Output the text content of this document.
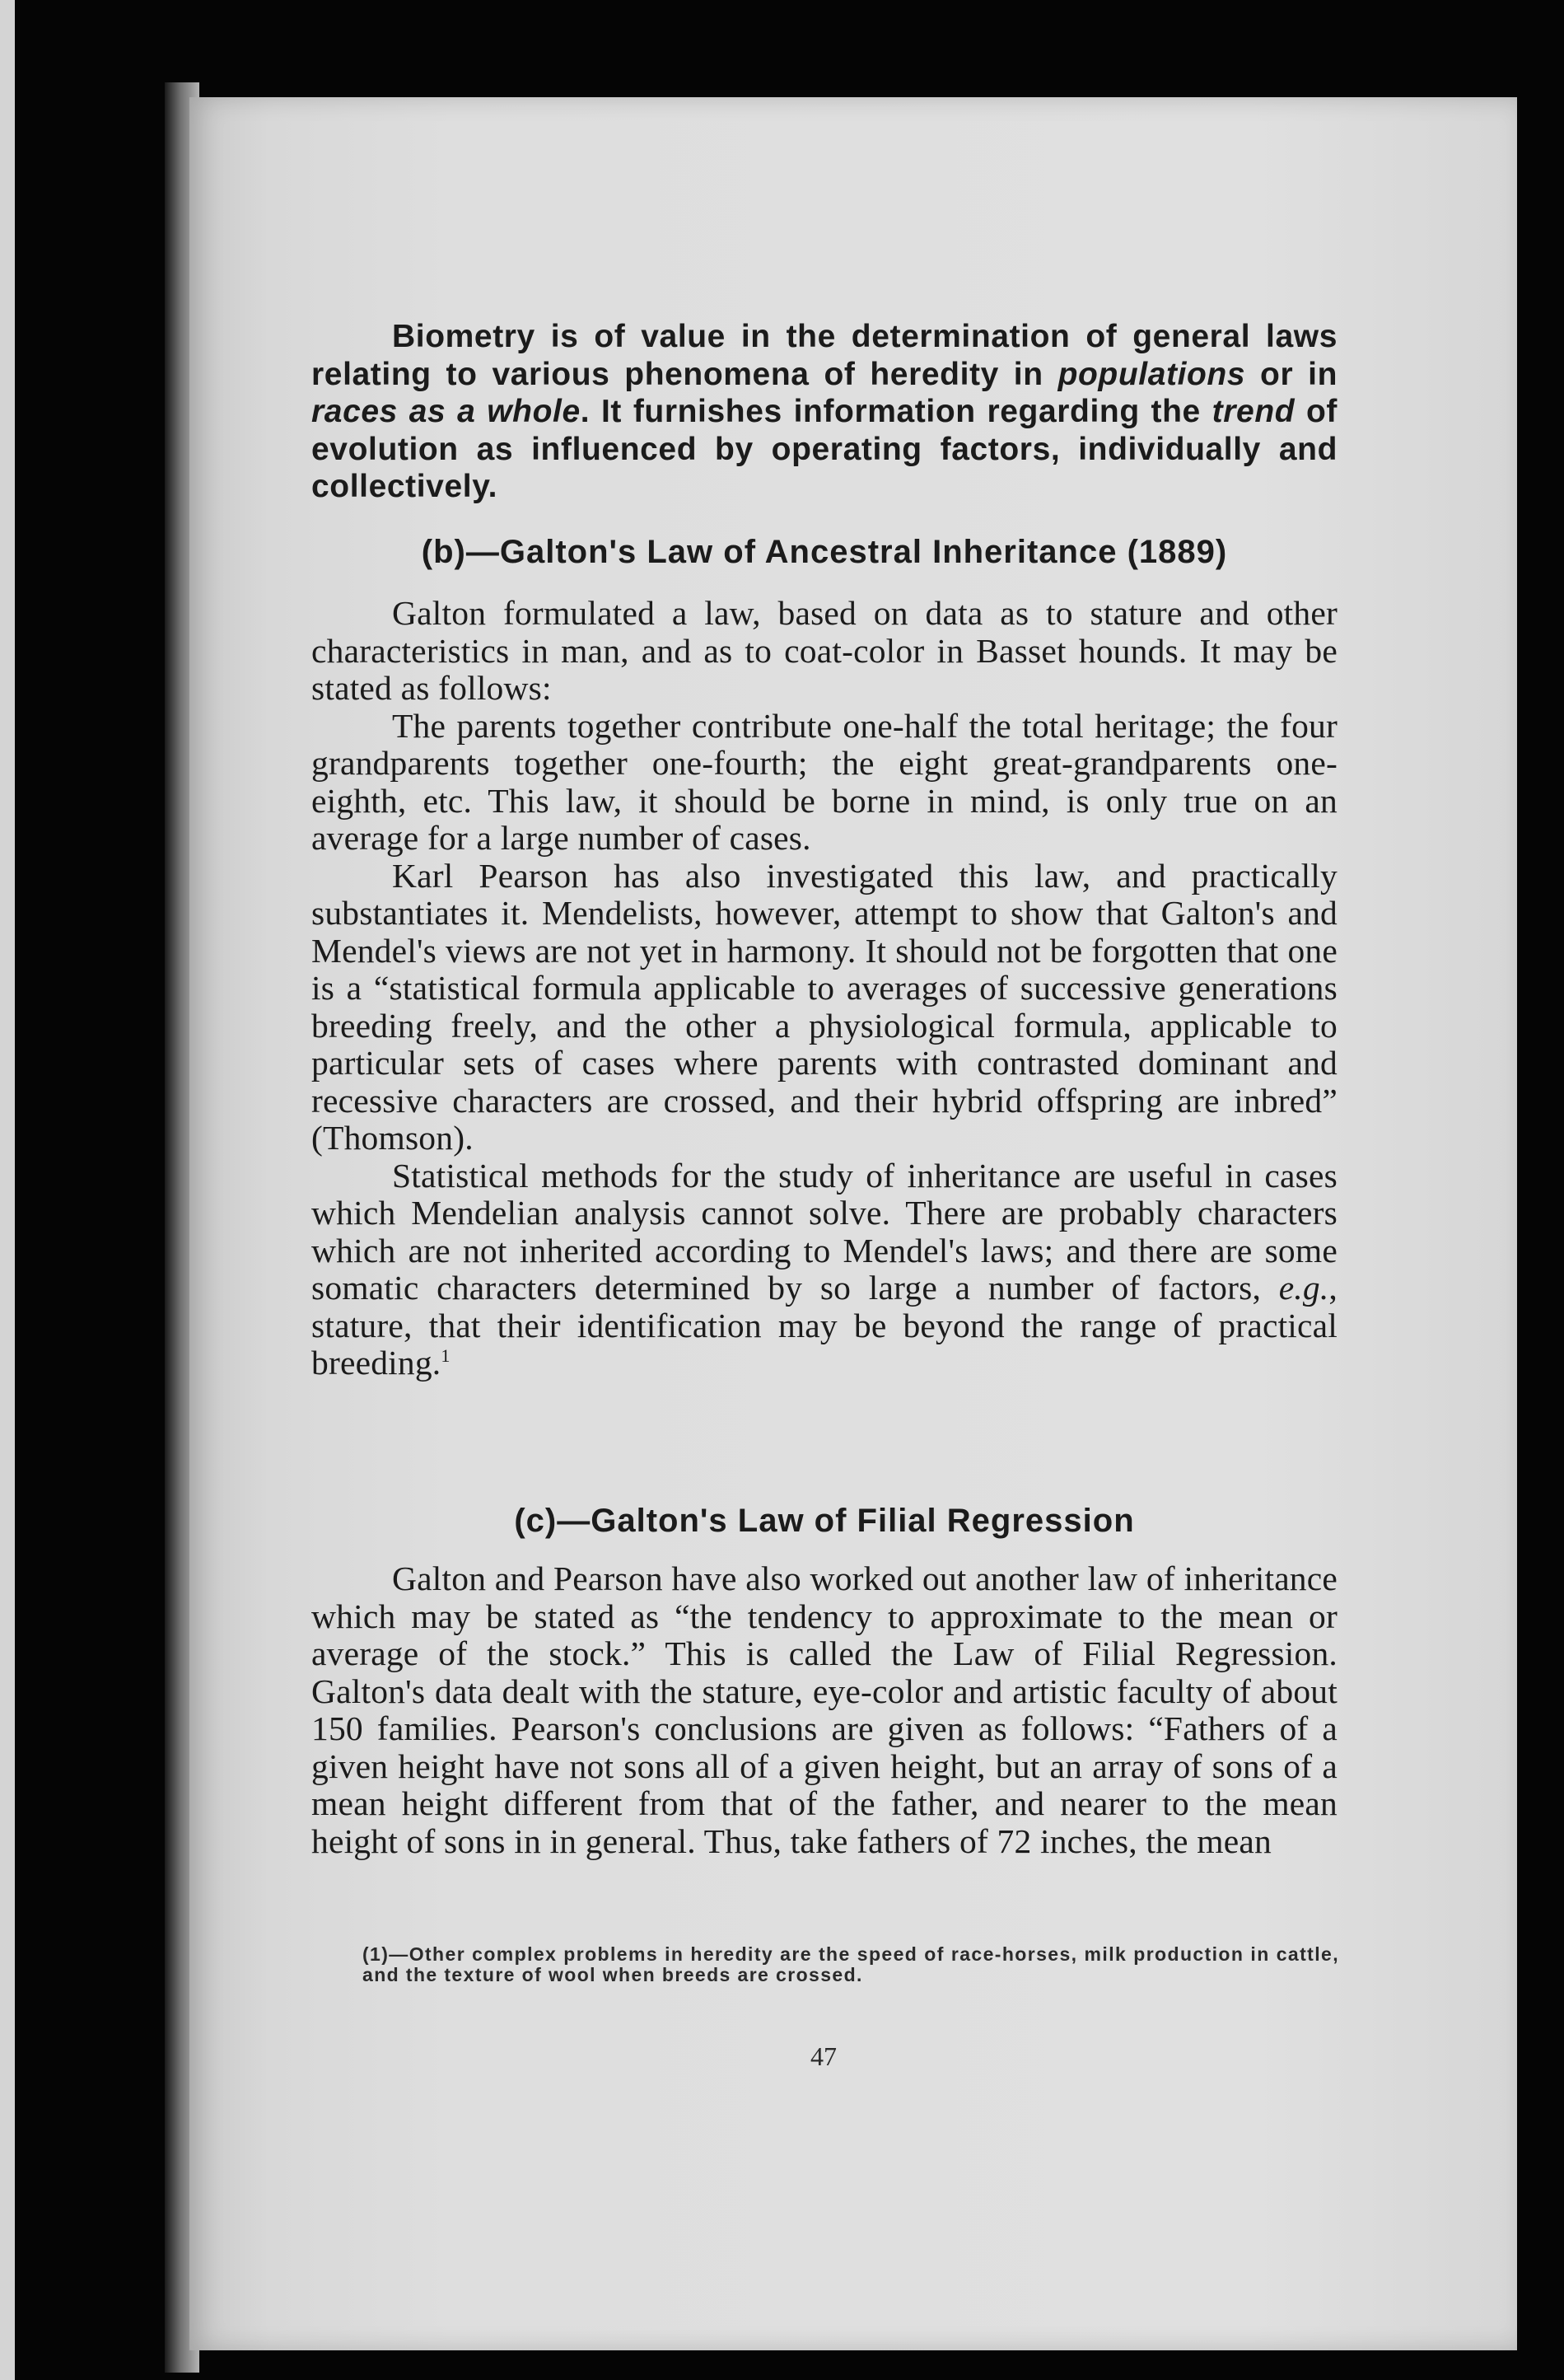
Biometry is of value in the determination of general laws relating to various phenomena of heredity in populations or in races as a whole. It furnishes information regarding the trend of evolution as influenced by operating factors, individually and collectively.

(b)—Galton's Law of Ancestral Inheritance (1889)

Galton formulated a law, based on data as to stature and other characteristics in man, and as to coat-color in Basset hounds. It may be stated as follows:

The parents together contribute one-half the total heritage; the four grandparents together one-fourth; the eight great-grandparents one-eighth, etc. This law, it should be borne in mind, is only true on an average for a large number of cases.

Karl Pearson has also investigated this law, and practically substantiates it. Mendelists, however, attempt to show that Galton's and Mendel's views are not yet in harmony. It should not be forgotten that one is a “statistical formula applicable to averages of successive generations breeding freely, and the other a physiological formula, applicable to particular sets of cases where parents with contrasted dominant and recessive characters are crossed, and their hybrid offspring are inbred” (Thomson).

Statistical methods for the study of inheritance are useful in cases which Mendelian analysis cannot solve. There are probably characters which are not inherited according to Mendel's laws; and there are some somatic characters determined by so large a number of factors, e.g., stature, that their identification may be beyond the range of practical breeding.$^1$

(c)—Galton's Law of Filial Regression

Galton and Pearson have also worked out another law of inheritance which may be stated as “the tendency to approximate to the mean or average of the stock.” This is called the Law of Filial Regression. Galton's data dealt with the stature, eye-color and artistic faculty of about 150 families. Pearson's conclusions are given as follows: “Fathers of a given height have not sons all of a given height, but an array of sons of a mean height different from that of the father, and nearer to the mean height of sons in in general. Thus, take fathers of 72 inches, the mean

(1)—Other complex problems in heredity are the speed of race-horses, milk production in cattle, and the texture of wool when breeds are crossed.
47
